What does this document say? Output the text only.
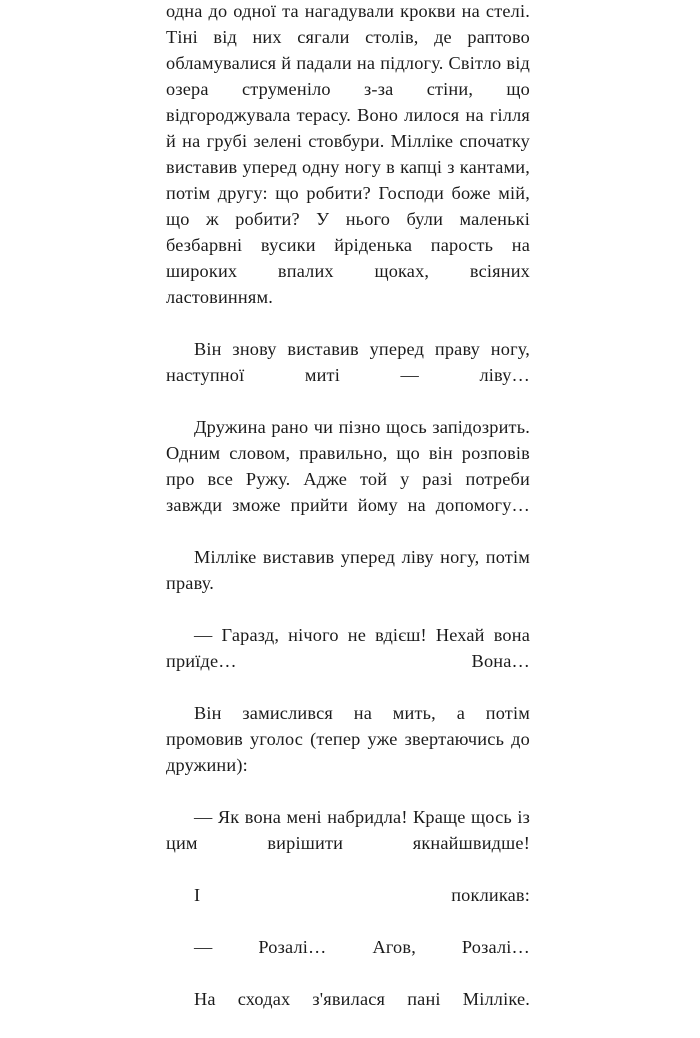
одна до одної та нагадували крокви на стелі. Тіні від них сягали столів, де раптово обламувалися й падали на підлогу. Світло від озера струменіло з-за стіни, що відгороджувала терасу. Воно лилося на гілля й на грубі зелені стовбури. Мілліке спочатку виставив уперед одну ногу в капці з кантами, потім другу: що робити? Господи боже мій, що ж робити? У нього були маленькі безбарвні вусики йріденька парость на широких впалих щоках, всіяних ластовинням.

Він знову виставив уперед праву ногу, наступної миті — ліву…

Дружина рано чи пізно щось запідозрить. Одним словом, правильно, що він розповів про все Ружу. Адже той у разі потреби завжди зможе прийти йому на допомогу…

Мілліке виставив уперед ліву ногу, потім праву.

— Гаразд, нічого не вдієш! Нехай вона приїде… Вона…

Він замислився на мить, а потім промовив уголос (тепер уже звертаючись до дружини):

— Як вона мені набридла! Краще щось із цим вирішити якнайшвидше!

І покликав:

— Розалі… Агов, Розалі…

На сходах з'явилася пані Мілліке.
